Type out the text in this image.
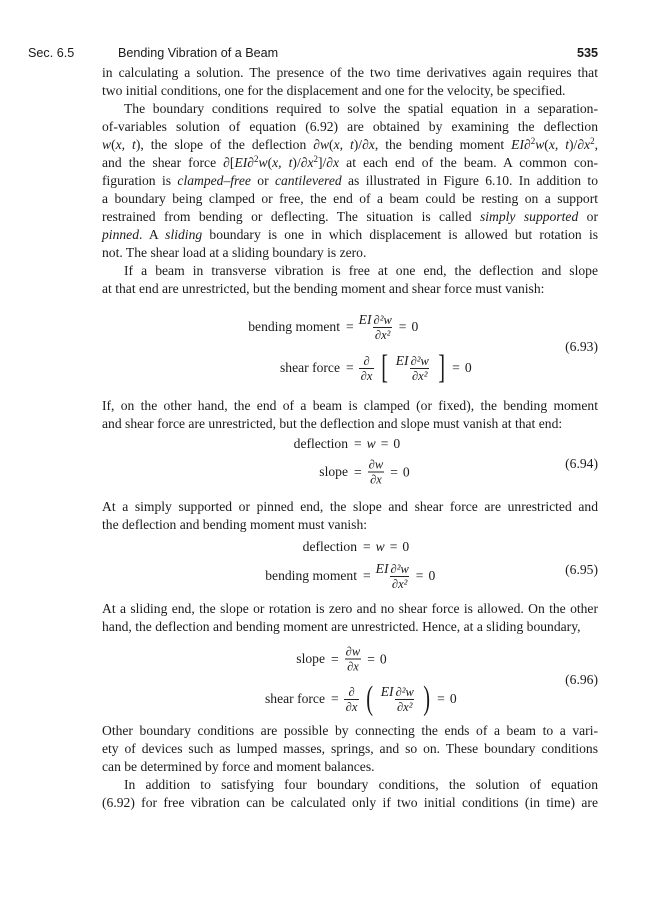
Sec. 6.5	Bending Vibration of a Beam	535
in calculating a solution. The presence of the two time derivatives again requires that
two initial conditions, one for the displacement and one for the velocity, be specified.
The boundary conditions required to solve the spatial equation in a separation-
of-variables solution of equation (6.92) are obtained by examining the deflection
w(x, t), the slope of the deflection ∂w(x, t)/∂x, the bending moment EI∂$^2$w(x, $t)/\partial x^2$,
and the shear force ∂[EI∂$^2$w(x, $t)/\partial x^2]/\partial x$ at each end of the beam. A common con-
figuration is clamped–free or cantilevered as illustrated in Figure 6.10. In addition to
a boundary being clamped or free, the end of a beam could be resting on a support
restrained from bending or deflecting. The situation is called simply supported or
pinned. A sliding boundary is one in which displacement is allowed but rotation is
not. The shear load at a sliding boundary is zero.
If a beam in transverse vibration is free at one end, the deflection and slope
at that end are unrestricted, but the bending moment and shear force must vanish:
bending moment = EI $\frac{\text{∂²w}}{\text{∂x²}} = 0$
shear force = $\frac{\partial}{\partial x}$ [ EI $\frac{\text{∂²w}}{\text{∂x²}}$ ] = 0
(6.93)
If, on the other hand, the end of a beam is clamped (or fixed), the bending moment
and shear force are unrestricted, but the deflection and slope must vanish at that end:
deflection = w = 0
slope = $\frac{\partial w}{\partial x} = 0$
(6.94)
At a simply supported or pinned end, the slope and shear force are unrestricted and
the deflection and bending moment must vanish:
deflection = w = 0
bending moment = EI $\frac{\text{∂²w}}{\text{∂x²}} = 0$	(6.95)
At a sliding end, the slope or rotation is zero and no shear force is allowed. On the other
hand, the deflection and bending moment are unrestricted. Hence, at a sliding boundary,
slope = $\frac{\partial w}{\partial x} = 0$
shear force = $\frac{\partial}{\partial x}$ ( EI $\frac{\text{∂²w}}{\text{∂x²}}$ ) = 0
(6.96)
Other boundary conditions are possible by connecting the ends of a beam to a vari-
ety of devices such as lumped masses, springs, and so on. These boundary conditions
can be determined by force and moment balances.
In addition to satisfying four boundary conditions, the solution of equation
(6.92) for free vibration can be calculated only if two initial conditions (in time) are
